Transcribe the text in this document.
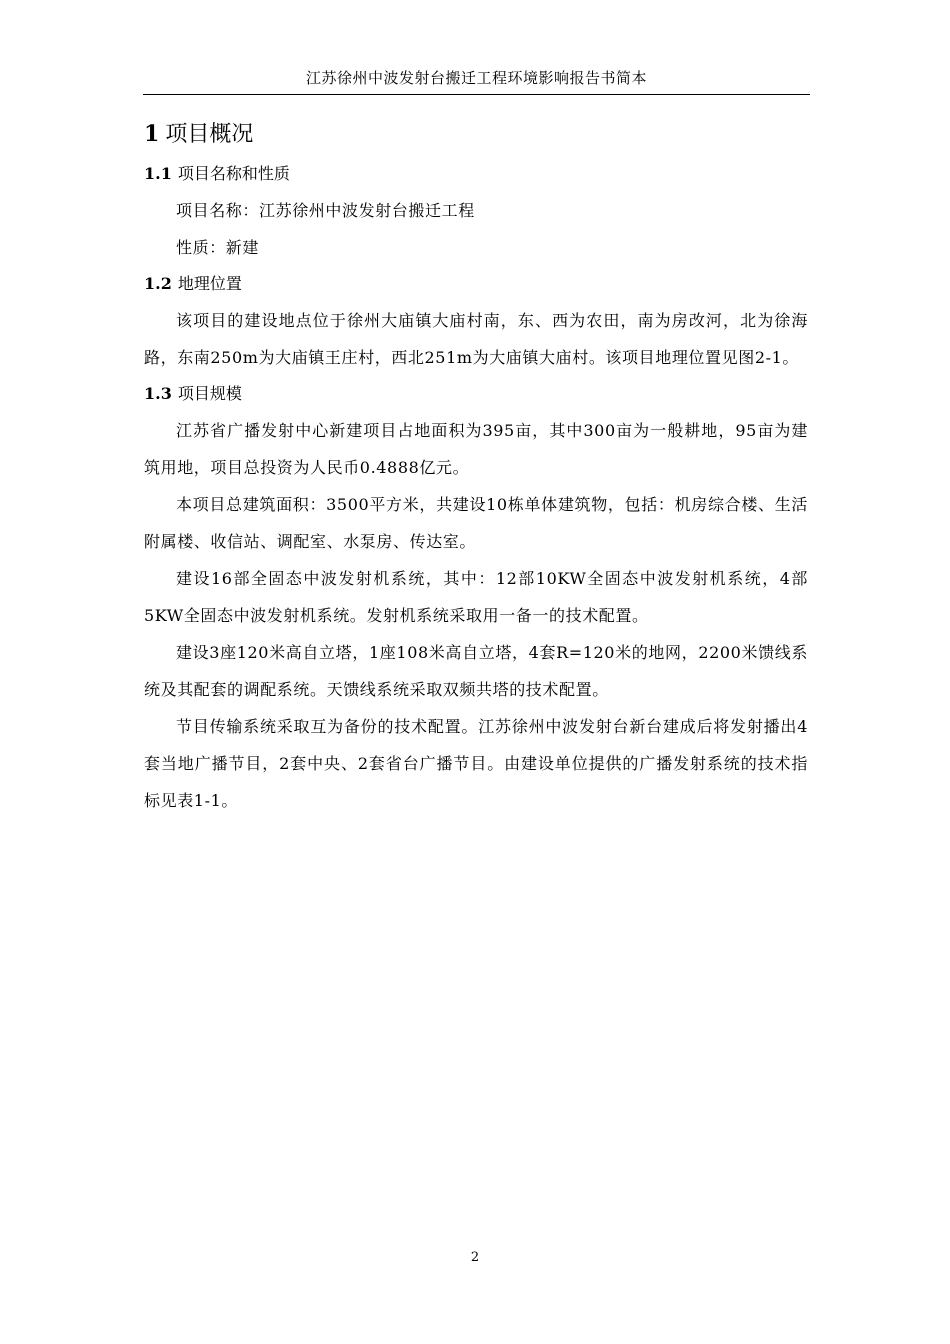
江苏徐州中波发射台搬迁工程环境影响报告书简本
1 项目概况
1.1 项目名称和性质

项目名称：江苏徐州中波发射台搬迁工程

性质：新建

1.2 地理位置

该项目的建设地点位于徐州大庙镇大庙村南，东、西为农田，南为房改河，北为徐海路，东南250m为大庙镇王庄村，西北251m为大庙镇大庙村。该项目地理位置见图2-1。

1.3 项目规模

江苏省广播发射中心新建项目占地面积为395亩，其中300亩为一般耕地，95亩为建筑用地，项目总投资为人民币0.4888亿元。

本项目总建筑面积：3500平方米，共建设10栋单体建筑物，包括：机房综合楼、生活附属楼、收信站、调配室、水泵房、传达室。

建设16部全固态中波发射机系统，其中：12部10KW全固态中波发射机系统，4部5KW全固态中波发射机系统。发射机系统采取用一备一的技术配置。

建设3座120米高自立塔，1座108米高自立塔，4套R=120米的地网，2200米馈线系统及其配套的调配系统。天馈线系统采取双频共塔的技术配置。

节目传输系统采取互为备份的技术配置。江苏徐州中波发射台新台建成后将发射播出4套当地广播节目，2套中央、2套省台广播节目。由建设单位提供的广播发射系统的技术指标见表1-1。

2
